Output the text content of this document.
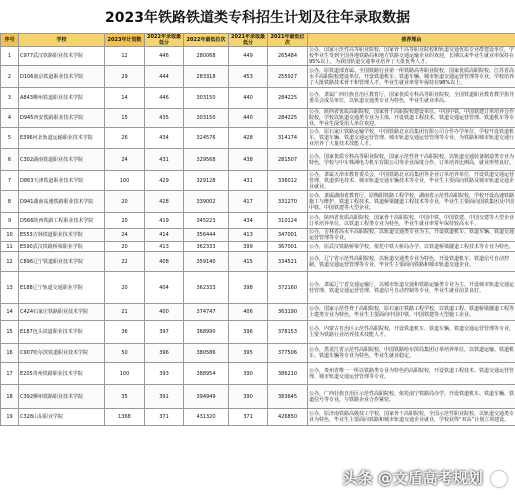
2023年铁路铁道类专科招生计划及往年录取数据
序号	学校	2023年计划数	2022年录取最低分	2022年最低位次	2021年录取最低分	2021年最低位次	推荐理由
1	C977武汉铁路职业技术学院	12	446	280068	449	265484	公办，国家示范性高等职业院校，国家骨干高等职业院校和轨道交通优质专业群建设单位，学校毕业生受到全国各地铁路局和地方铁路交通运输企业的欢迎，长期以来毕业生就业率保持在95%以上，为我国轨道交通事业培养了大批优秀人才。
2	D106南京铁道职业技术学院	29	444	283318	453	255927	公办，原铁道部直属、全国铁路行业第一所铁路高等职业院校，国家优质高职院校、江苏省高水平高职院校建设单位，开设铁道机车、铁道车辆、城市轨道交通运营管理等专业。学校培养了大批铁路技术骨干和管理人才，毕业生就业率常年保持在98%以上。
3	A843柳州铁道职业技术学院	14	446	303150	440	284225	公办，隶属广西壮族自治区教育厅，国家优质专科高等职业院校，全国铁道职业教育教学指导委员会成员单位，以轨道交通类专业为特色，毕业生就业率高。
4	D945西安铁路职业技术学院	15	435	303150	440	284225	公办，陕西省优质高职院校，国家骨干高职院校建设单位，中国中铁、中国铁建订单培养合作院校，学校以轨道交通类专业为主体，开设铁道工程技术、铁道交通运营管理、铁道机车等专业，毕业生深受用人单位欢迎。
5	E396河北轨道运输职业技术学院	26	434	324576	428	314174	公办，原石家庄铁路运输学校，中国铁路北京局集团有限公司合作办学单位，学校开设铁道机车、铁道车辆、铁道交通运营管理、城市轨道交通运营管理等专业，为铁路和城市轨道交通行业培养了大量技术技能人才。
6	C302湖南铁道职业技术学院	24	431	329568	438	281507	公办，国家优质专科高等职业院校，国家示范性骨干高职院校，以轨道交通装备制造类专业为特色，学校与中车株洲电力机车有限公司等企业深度合作，订单培养比例高，就业形势良好。
7	D863天津铁道职业技术学院	100	429	329128	431	336012	公办，隶属天津市教育委员会，中国铁路北京局集团等企业订单培养单位，开设铁道交通运营管理、铁道供电技术、城市轨道交通车辆技术等专业，毕业生主要面向铁路及城市轨道交通企业就业。
8	D941湖南高速铁路职业技术学院	20	428	339002	417	331270	公办，隶属湖南省教育厅，原衡阳铁路工程学校，湖南省示范性高职院校，学校开设高速铁路施工与维护、铁道工程技术、铁道桥梁隧道工程技术等专业，毕业生主要面向国铁集团及中国中铁、中国铁建等大型企业。
9	D566陕西铁路工程职业技术学院	20	419	345223	434	310124	公办，陕西省优质高职院校，国家骨干高职院校，中国中铁、中国铁建、中国交建等大型企业订单培养单位，以铁道工程类专业为特色，毕业生就业率常年保持较高水平。
10	E553吉林铁道职业技术学院	24	414	356444	413	347001	公办，吉林省高水平高职院校，以轨道交通类专业为主，开设铁道机车、铁道车辆、铁道交通运营管理等专业。
11	E590武汉铁路桥梁职业学院	20	413	362333	399	367001	公办，原武汉铁路桥梁学校，依托中铁大桥局办学，以铁道桥梁隧道工程技术等专业为特色。
12	C896辽宁铁道职业技术学院	22	408	359140	415	334521	公办，辽宁省示范性高职院校，以轨道交通类专业为特色，开设铁道机车、铁道信号自动控制、铁道交通运营管理等专业，毕业生主要面向铁路和城市轨道交通企业。
13	E188辽宁轨道交通职业学院	20	404	362333	398	372160	公办，隶属辽宁省交通运输厅，以城市轨道交通和铁路运输类专业为主，开设城市轨道交通运营管理、铁道交通运营管理、铁道信号自动控制等专业，毕业生就业前景良好。
14	C424石家庄铁路职业技术学院	21	400	374747	406	363190	公办，国家示范性骨干高职院校，原石家庄铁路工程学校，以铁道工程、铁道桥梁隧道工程等土建类专业为特色，毕业生主要面向中国中铁、中国铁建等大型施工企业。
15	E187包头铁道职业技术学院	36	397	368990	396	378153	公办，内蒙古自治区示范性高职院校，开设铁道机车、铁道车辆、铁道交通运营管理等专业，主要为铁路行业培养技术技能人才。
16	C907哈尔滨铁道职业技术学院	50	396	380586	395	377506	公办，黑龙江省示范性高职院校，中国铁路哈尔滨局集团订单培养单位，以铁道运输、铁道机车、铁道车辆等专业为特色，毕业生就业稳定。
17	E205贵州铁路职业技术学院	100	393	388954	390	386210	公办，贵州省唯一一所以铁路类专业为特色的高职院校，开设铁道工程技术、铁道交通运营管理、城市轨道交通运营管理等专业。
18	C392柳州铁路职业技术学院	35	391	394949	390	383645	公办，广西壮族自治区示范性高职院校，依托南宁铁路局办学，开设铁道机车、铁道车辆、铁道信号等专业，与铁路企业合作紧密。
19	C328山东职业学院	1368	371	431320	371	426850	公办，原济南铁路高级技工学校，国家骨干高职院校，全国示范性职业院校，以轨道交通类专业为特色，毕业生主要面向铁路和城市轨道交通企业就业，学校获得“双高”计划立项建设。
头条 @文盾高考规划
